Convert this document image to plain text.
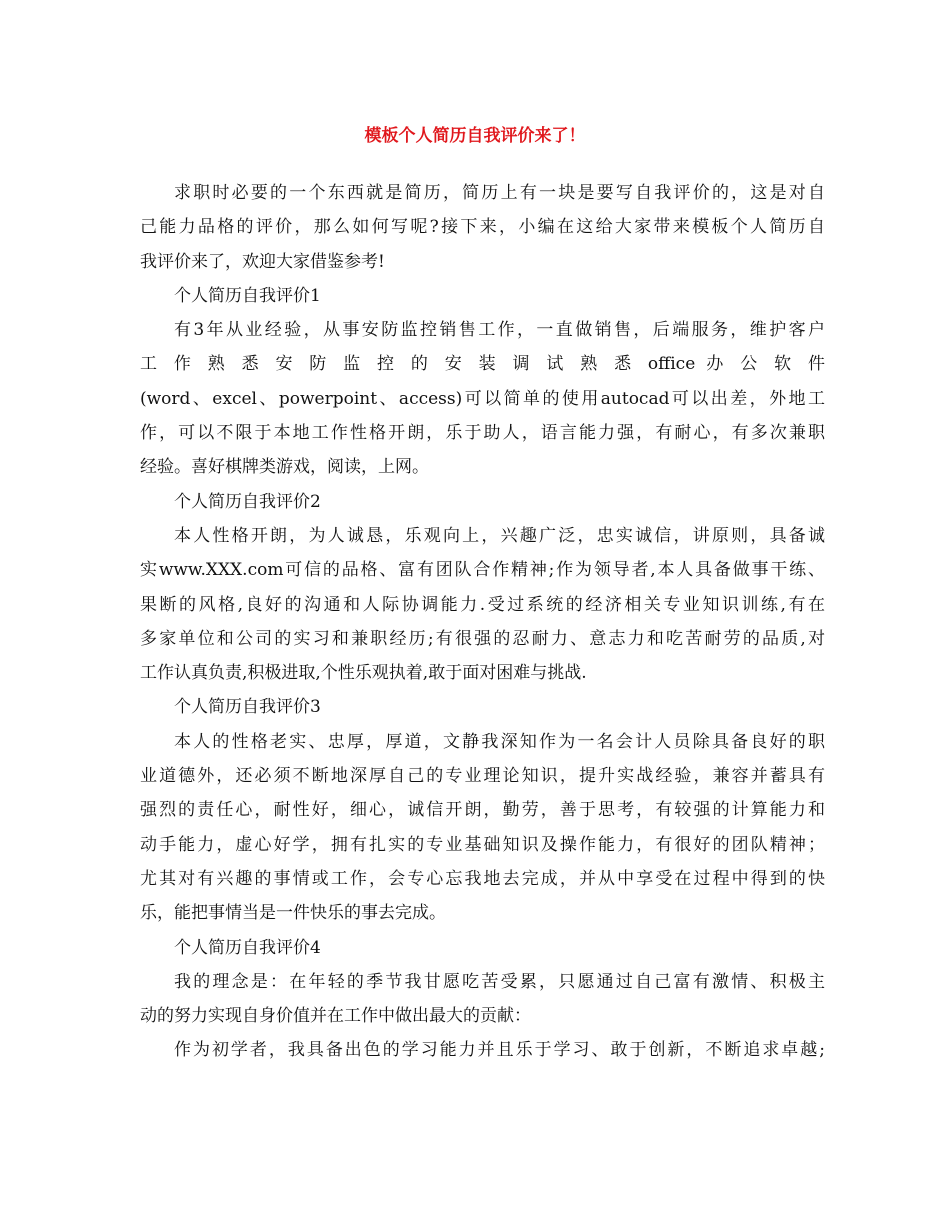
模板个人简历自我评价来了！
求职时必要的一个东西就是简历，简历上有一块是要写自我评价的，这是对自
己能力品格的评价，那么如何写呢?接下来，小编在这给大家带来模板个人简历自
我评价来了，欢迎大家借鉴参考!
个人简历自我评价1
有3年从业经验，从事安防监控销售工作，一直做销售，后端服务，维护客户
工 作 熟 悉 安 防 监 控 的 安 装 调 试 熟 悉 office 办 公 软 件
(word、excel、powerpoint、access)可以简单的使用autocad可以出差，外地工
作，可以不限于本地工作性格开朗，乐于助人，语言能力强，有耐心，有多次兼职
经验。喜好棋牌类游戏，阅读，上网。
个人简历自我评价2
本人性格开朗，为人诚恳，乐观向上，兴趣广泛，忠实诚信，讲原则，具备诚
实www.XXX.com可信的品格、富有团队合作精神;作为领导者,本人具备做事干练、
果断的风格,良好的沟通和人际协调能力.受过系统的经济相关专业知识训练,有在
多家单位和公司的实习和兼职经历;有很强的忍耐力、意志力和吃苦耐劳的品质,对
工作认真负责,积极进取,个性乐观执着,敢于面对困难与挑战.
个人简历自我评价3
本人的性格老实、忠厚，厚道，文静我深知作为一名会计人员除具备良好的职
业道德外，还必须不断地深厚自己的专业理论知识，提升实战经验，兼容并蓄具有
强烈的责任心，耐性好，细心，诚信开朗，勤劳，善于思考，有较强的计算能力和
动手能力，虚心好学，拥有扎实的专业基础知识及操作能力，有很好的团队精神；
尤其对有兴趣的事情或工作，会专心忘我地去完成，并从中享受在过程中得到的快
乐，能把事情当是一件快乐的事去完成。
个人简历自我评价4
我的理念是：在年轻的季节我甘愿吃苦受累，只愿通过自己富有激情、积极主
动的努力实现自身价值并在工作中做出最大的贡献：
作为初学者，我具备出色的学习能力并且乐于学习、敢于创新，不断追求卓越;
